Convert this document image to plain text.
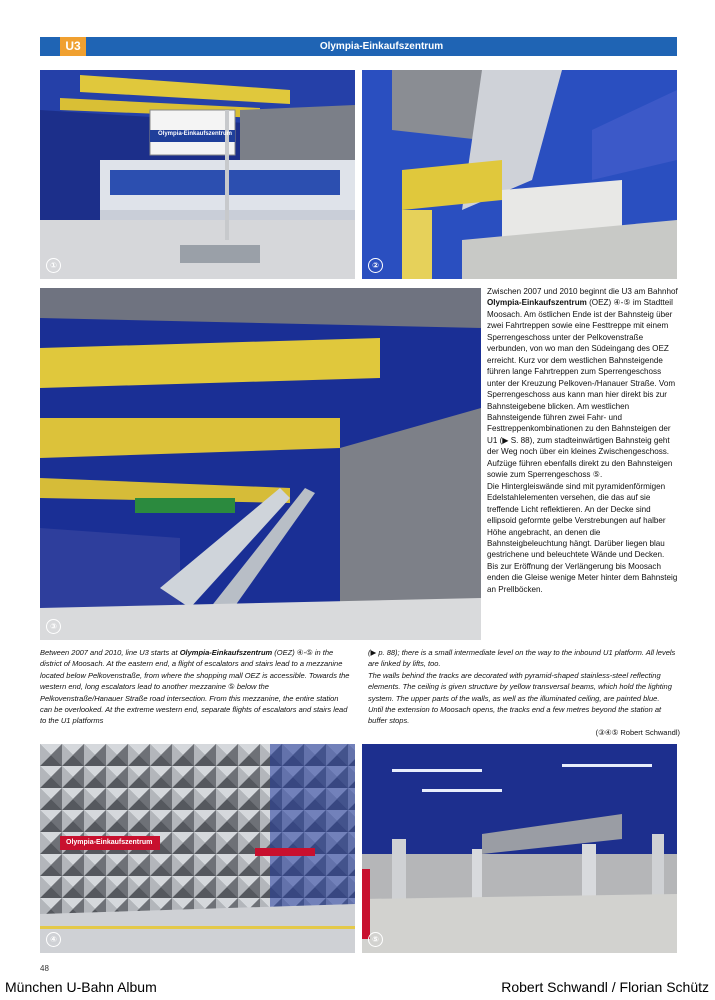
U3	Olympia-Einkaufszentrum
Olympia-Einkaufszentrum
①	②
③

Zwischen 2007 und 2010 beginnt die U3 am Bahnhof Olympia-Einkaufszentrum (OEZ) ④-⑤ im Stadtteil Moosach. Am östlichen Ende ist der Bahnsteig über zwei Fahrtreppen sowie eine Festtreppe mit einem Sperrengeschoss unter der Pelkovenstraße verbunden, von wo man den Südeingang des OEZ erreicht. Kurz vor dem westlichen Bahnsteigende führen lange Fahrtreppen zum Sperrengeschoss unter der Kreuzung Pelkoven-/Hanauer Straße. Vom Sperrengeschoss aus kann man hier direkt bis zur Bahnsteigebene blicken. Am westlichen Bahnsteigende führen zwei Fahr- und Festtreppenkombinationen zu den Bahnsteigen der U1 (▶ S. 88), zum stadteinwärtigen Bahnsteig geht der Weg noch über ein kleines Zwischengeschoss. Aufzüge führen ebenfalls direkt zu den Bahnsteigen sowie zum Sperrengeschoss ⑤.

Die Hintergleiswände sind mit pyramidenförmigen Edelstahlelementen versehen, die das auf sie treffende Licht reflektieren. An der Decke sind ellipsoid geformte gelbe Verstrebungen auf halber Höhe angebracht, an denen die Bahnsteigbeleuchtung hängt. Darüber liegen blau gestrichene und beleuchtete Wände und Decken.

Bis zur Eröffnung der Verlängerung bis Moosach enden die Gleise wenige Meter hinter dem Bahnsteig an Prellböcken.

Between 2007 and 2010, line U3 starts at Olympia-Einkaufszentrum (OEZ) ④-⑤ in the district of Moosach. At the eastern end, a flight of escalators and stairs lead to a mezzanine located below Pelkovenstraße, from where the shopping mall OEZ is accessible. Towards the western end, long escalators lead to another mezzanine ⑤ below the Pelkovenstraße/Hanauer Straße road intersection. From this mezzanine, the entire station can be overlooked. At the extreme western end, separate flights of escalators and stairs lead to the U1 platforms

(▶ p. 88); there is a small intermediate level on the way to the inbound U1 platform. All levels are linked by lifts, too.

The walls behind the tracks are decorated with pyramid-shaped stainless-steel reflecting elements. The ceiling is given structure by yellow transversal beams, which hold the lighting system. The upper parts of the walls, as well as the illuminated ceiling, are painted blue.

Until the extension to Moosach opens, the tracks end a few metres beyond the station at buffer stops.

(③④⑤ Robert Schwandl)

Olympia-Einkaufszentrum
④	⑤
48
München U-Bahn Album	Robert Schwandl / Florian Schütz
